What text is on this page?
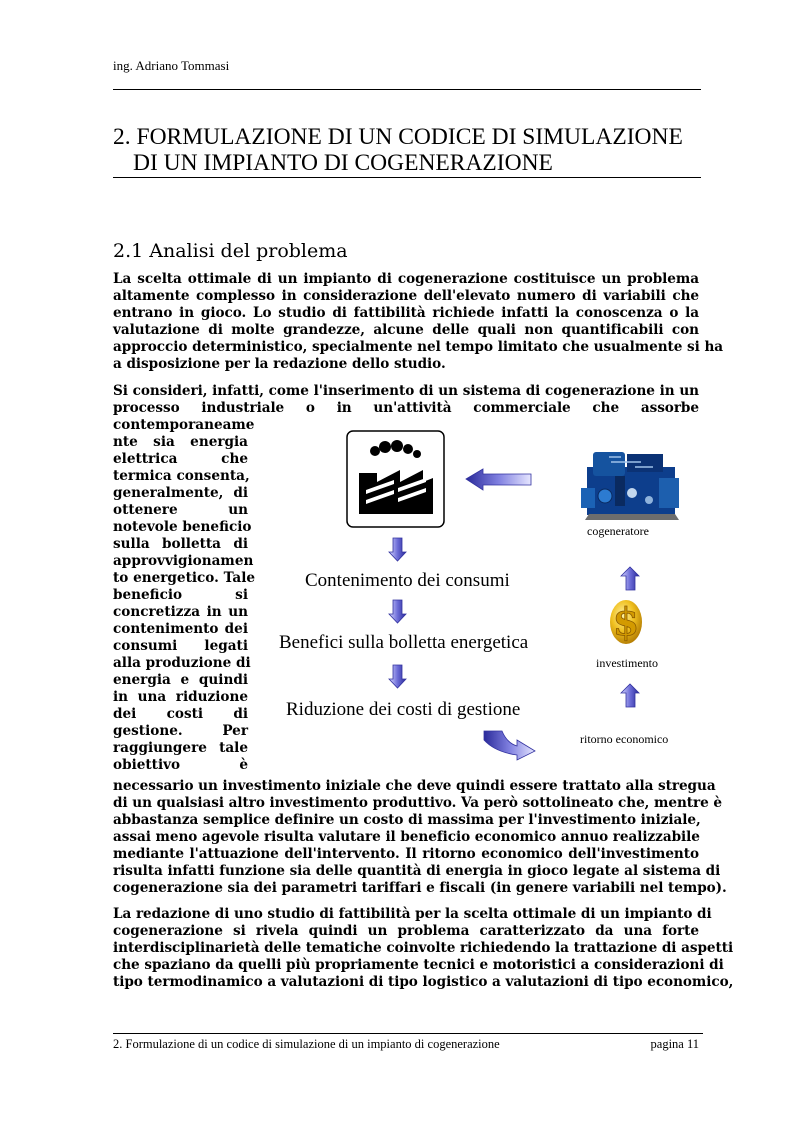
ing. Adriano Tommasi
2. FORMULAZIONE DI UN CODICE DI SIMULAZIONE
DI UN IMPIANTO DI COGENERAZIONE
2.1 Analisi del problema
La scelta ottimale di un impianto di cogenerazione costituisce un problema
altamente complesso in considerazione dell'elevato numero di variabili che
entrano in gioco. Lo studio di fattibilità richiede infatti la conoscenza o la
valutazione di molte grandezze, alcune delle quali non quantificabili con
approccio deterministico, specialmente nel tempo limitato che usualmente si ha
a disposizione per la redazione dello studio.
Si consideri, infatti, come l'inserimento di un sistema di cogenerazione in un
processo industriale o in un'attività commerciale che assorbe
contemporaneame
nte sia energia
elettrica che
termica consenta,
generalmente, di
ottenere un
notevole beneficio
sulla bolletta di
approvvigionamen
to energetico. Tale
beneficio si
concretizza in un
contenimento dei
consumi legati
alla produzione di
energia e quindi
in una riduzione
dei costi di
gestione. Per
raggiungere tale
obiettivo è
$
Contenimento dei consumi
Benefici sulla bolletta energetica
Riduzione dei costi di gestione
cogeneratore
investimento
ritorno economico
necessario un investimento iniziale che deve quindi essere trattato alla stregua
di un qualsiasi altro investimento produttivo. Va però sottolineato che, mentre è
abbastanza semplice definire un costo di massima per l'investimento iniziale,
assai meno agevole risulta valutare il beneficio economico annuo realizzabile
mediante l'attuazione dell'intervento. Il ritorno economico dell'investimento
risulta infatti funzione sia delle quantità di energia in gioco legate al sistema di
cogenerazione sia dei parametri tariffari e fiscali (in genere variabili nel tempo).
La redazione di uno studio di fattibilità per la scelta ottimale di un impianto di
cogenerazione si rivela quindi un problema caratterizzato da una forte
interdisciplinarietà delle tematiche coinvolte richiedendo la trattazione di aspetti
che spaziano da quelli più propriamente tecnici e motoristici a considerazioni di
tipo termodinamico a valutazioni di tipo logistico a valutazioni di tipo economico,
2. Formulazione di un codice di simulazione di un impianto di cogenerazione	pagina 11
